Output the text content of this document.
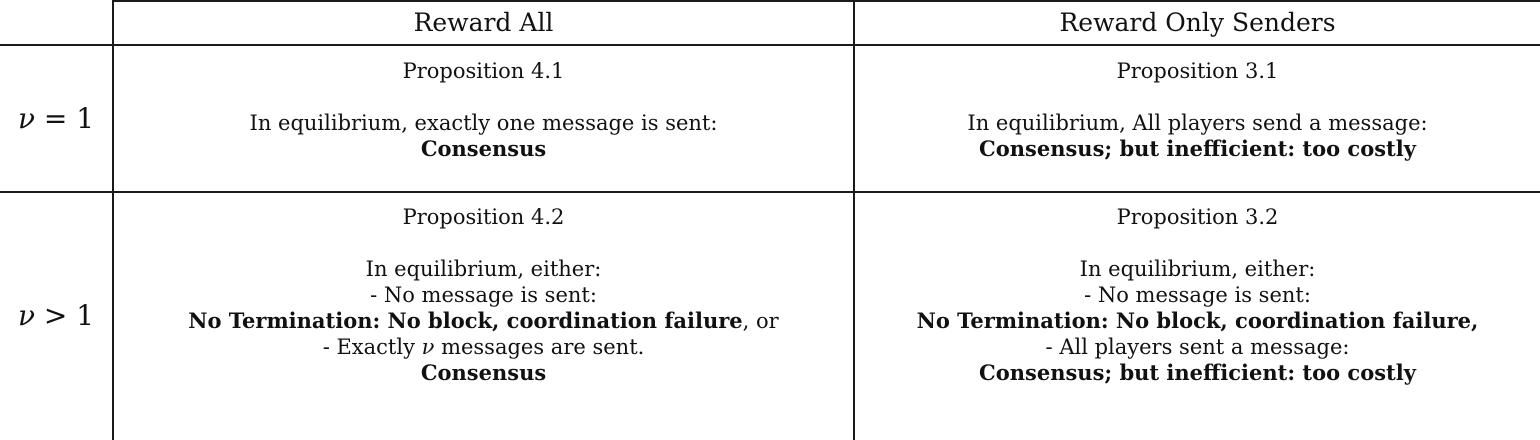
Reward All	Reward Only Senders
ν = 1
ν > 1
Proposition 4.1

In equilibrium, exactly one message is sent:
Consensus
Proposition 3.1

In equilibrium, All players send a message:
Consensus; but inefficient: too costly
Proposition 4.2

In equilibrium, either:
- No message is sent:
No Termination: No block, coordination failure, or
- Exactly ν messages are sent.
Consensus
Proposition 3.2

In equilibrium, either:
- No message is sent:
No Termination: No block, coordination failure,
- All players sent a message:
Consensus; but inefficient: too costly
